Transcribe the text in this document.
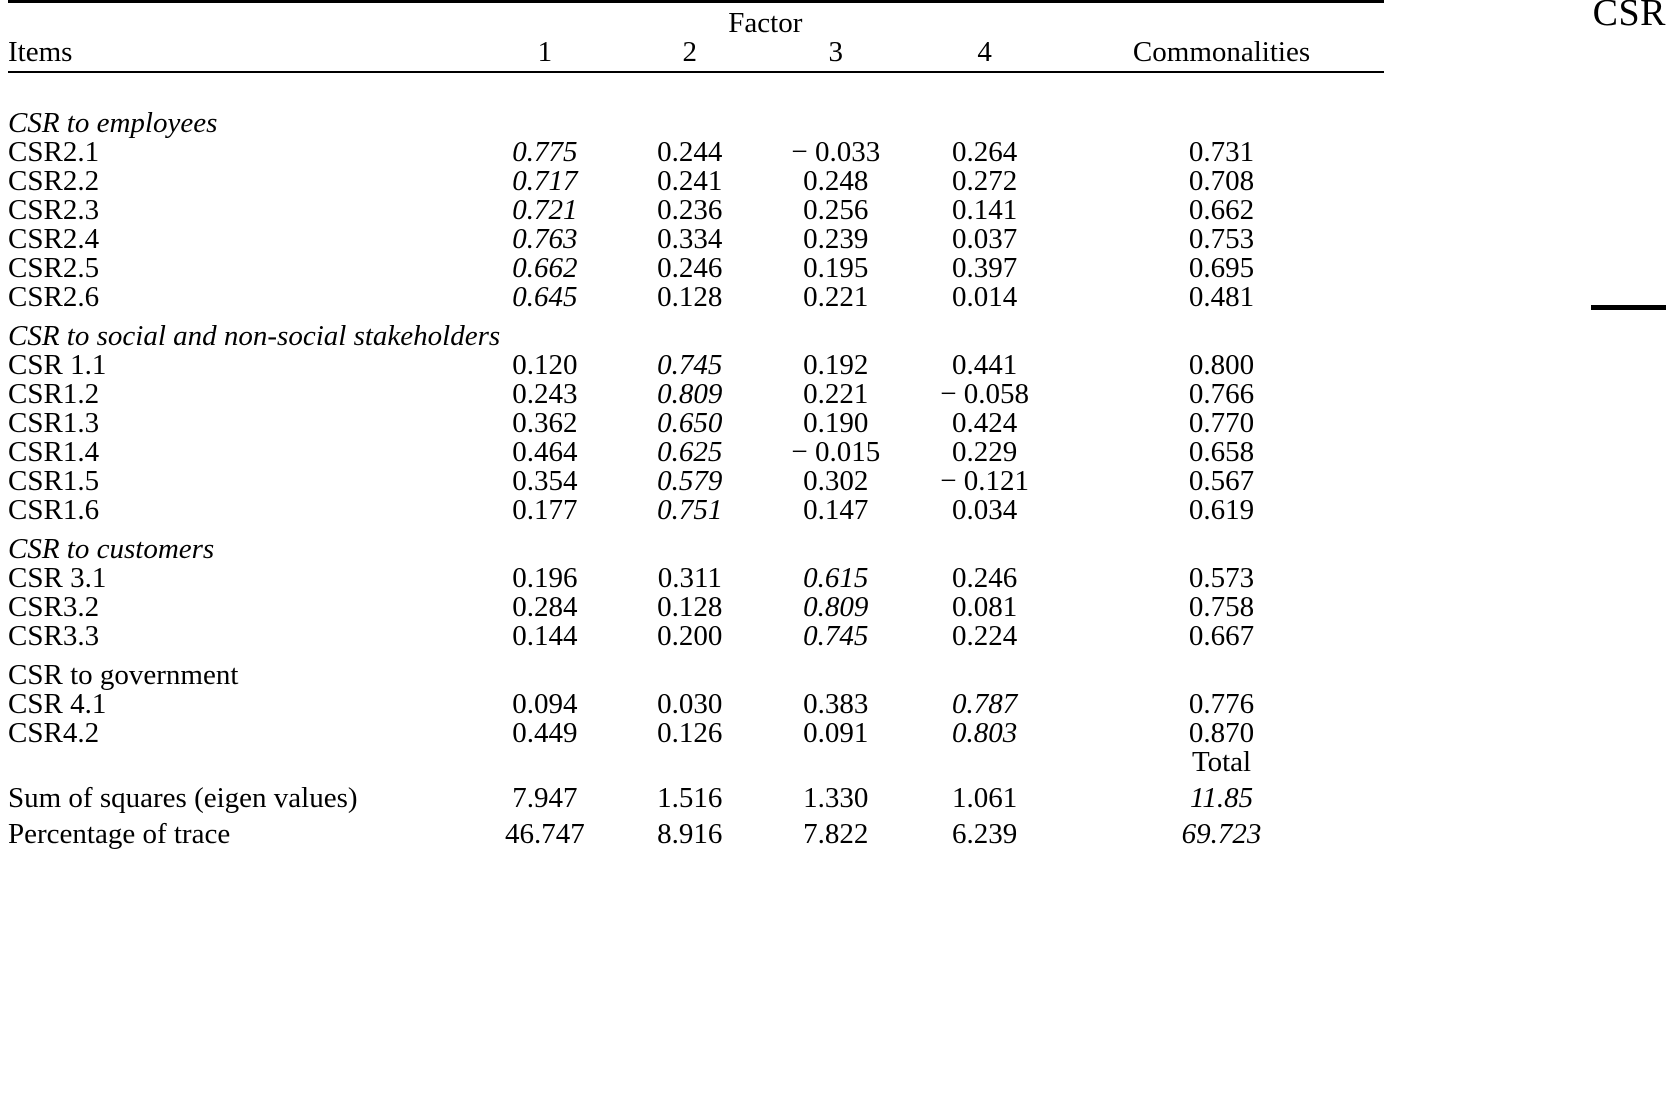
CSR

	Factor				
Items	1	2	3	4	Commonalities

CSR to employees					
CSR2.1	0.775	0.244	− 0.033	0.264	0.731
CSR2.2	0.717	0.241	0.248	0.272	0.708
CSR2.3	0.721	0.236	0.256	0.141	0.662
CSR2.4	0.763	0.334	0.239	0.037	0.753
CSR2.5	0.662	0.246	0.195	0.397	0.695
CSR2.6	0.645	0.128	0.221	0.014	0.481
CSR to social and non-social stakeholders					
CSR 1.1	0.120	0.745	0.192	0.441	0.800
CSR1.2	0.243	0.809	0.221	− 0.058	0.766
CSR1.3	0.362	0.650	0.190	0.424	0.770
CSR1.4	0.464	0.625	− 0.015	0.229	0.658
CSR1.5	0.354	0.579	0.302	− 0.121	0.567
CSR1.6	0.177	0.751	0.147	0.034	0.619
CSR to customers					
CSR 3.1	0.196	0.311	0.615	0.246	0.573
CSR3.2	0.284	0.128	0.809	0.081	0.758
CSR3.3	0.144	0.200	0.745	0.224	0.667
CSR to government					
CSR 4.1	0.094	0.030	0.383	0.787	0.776
CSR4.2	0.449	0.126	0.091	0.803	0.870
					Total
Sum of squares (eigen values)	7.947	1.516	1.330	1.061	11.85
Percentage of trace	46.747	8.916	7.822	6.239	69.723
